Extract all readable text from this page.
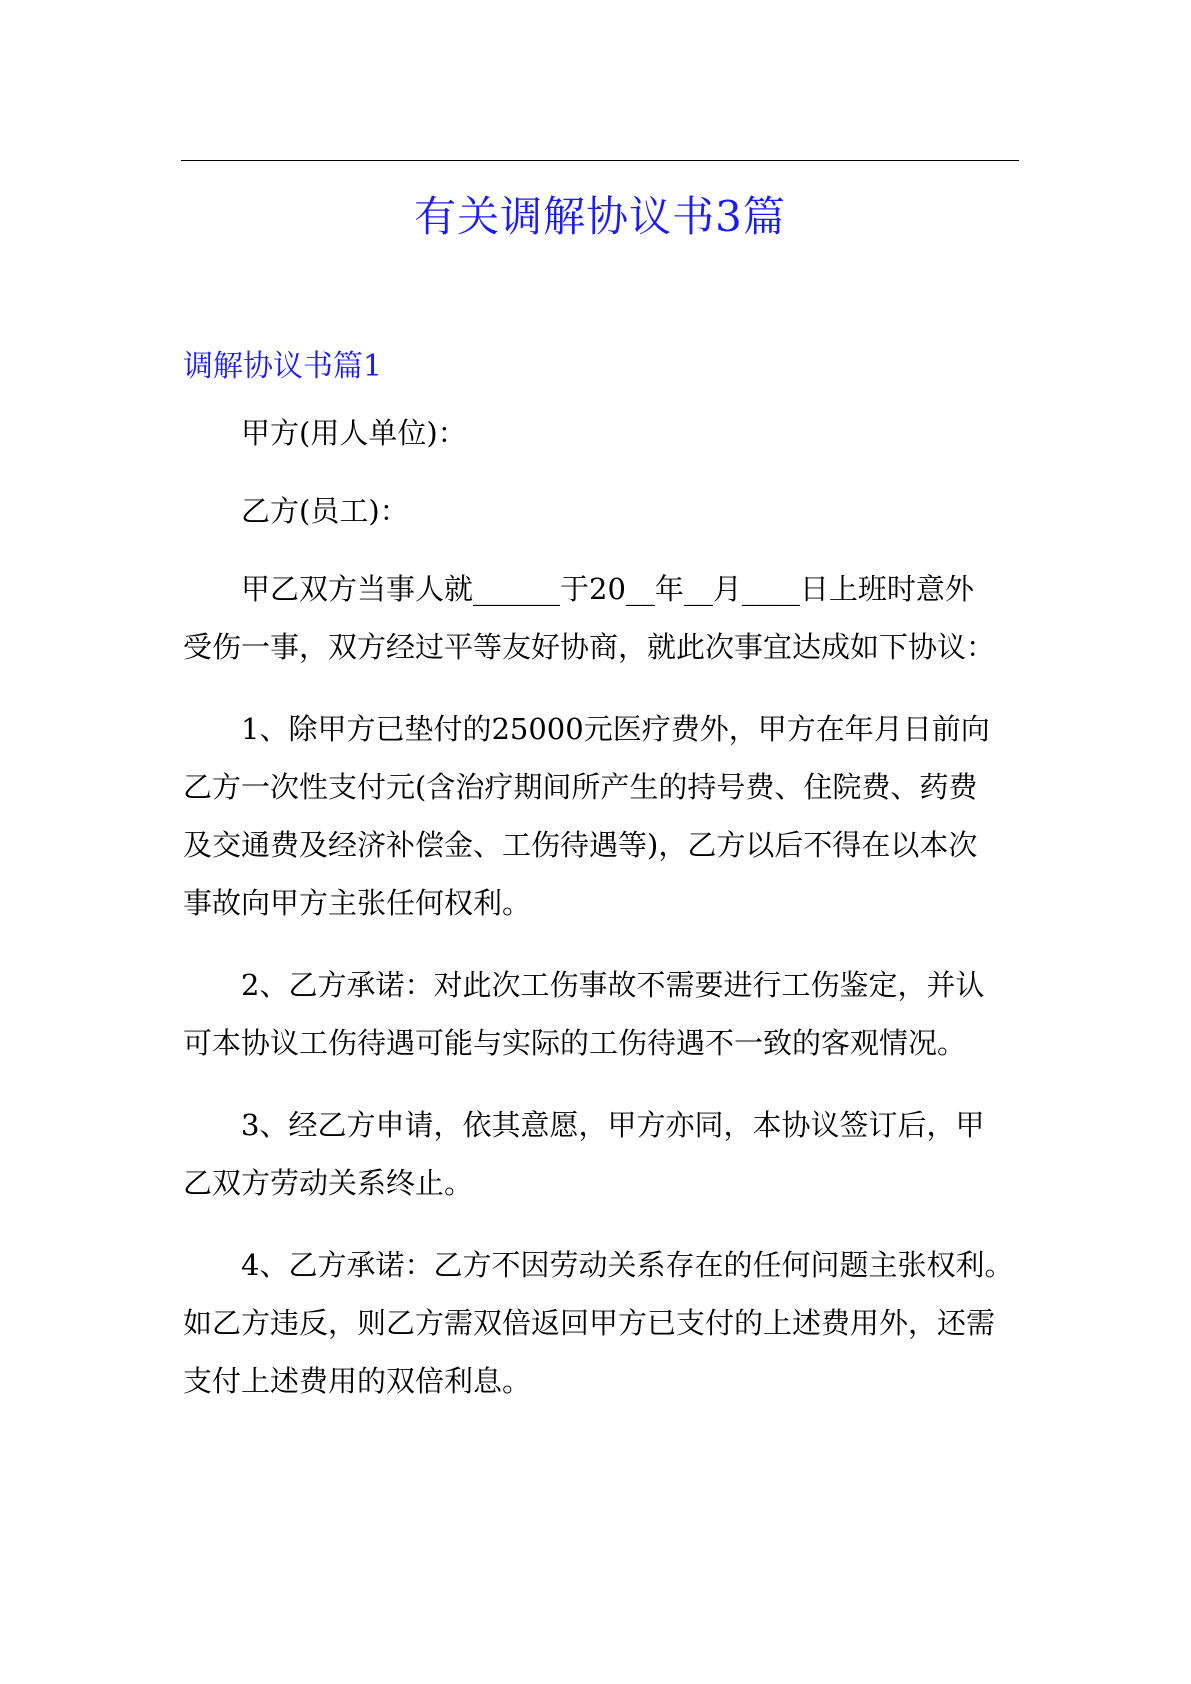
有关调解协议书3篇
调解协议书篇1

甲方(用人单位)：

乙方(员工)：

甲乙双方当事人就______于20__年__月____日上班时意外

受伤一事，双方经过平等友好协商，就此次事宜达成如下协议：

1、除甲方已垫付的25000元医疗费外，甲方在年月日前向

乙方一次性支付元(含治疗期间所产生的持号费、住院费、药费

及交通费及经济补偿金、工伤待遇等)，乙方以后不得在以本次

事故向甲方主张任何权利。

2、乙方承诺：对此次工伤事故不需要进行工伤鉴定，并认

可本协议工伤待遇可能与实际的工伤待遇不一致的客观情况。

3、经乙方申请，依其意愿，甲方亦同，本协议签订后，甲

乙双方劳动关系终止。

4、乙方承诺：乙方不因劳动关系存在的任何问题主张权利。

如乙方违反，则乙方需双倍返回甲方已支付的上述费用外，还需

支付上述费用的双倍利息。
